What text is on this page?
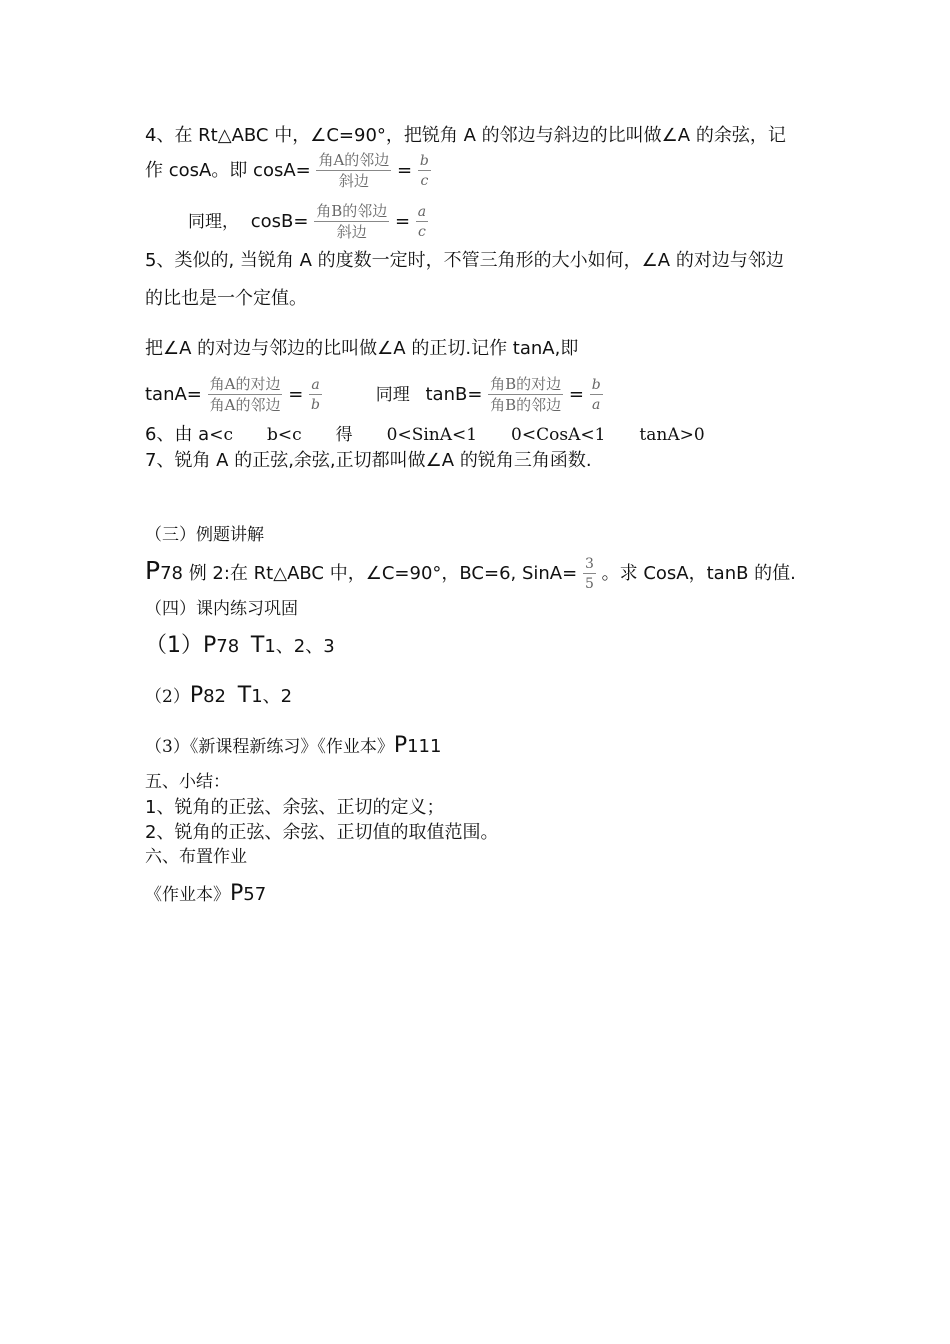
4、在 Rt△ABC 中，∠C=90°，把锐角 A 的邻边与斜边的比叫做∠A 的余弦，记
作 cosA。即 $\cos A= \frac{\text{角A的邻边}}{\text{斜边}} = \frac{b}{c}$
同理， $\cos B= \frac{\text{角B的邻边}}{\text{斜边}} = \frac{a}{c}$
5、类似的, 当锐角 A 的度数一定时，不管三角形的大小如何，∠A 的对边与邻边
的比也是一个定值。
把∠A 的对边与邻边的比叫做∠A 的正切.记作 tanA,即
$\tan A= \frac{\text{角A的对边}}{\text{角A的邻边}} = \frac{a}{b}$	同理 $\tan B= \frac{\text{角B的对边}}{\text{角B的邻边}} = \frac{b}{a}$
6、由 a<c　　b<c　　得　　0<SinA<1　　0<CosA<1　　tanA>0
7、锐角 A 的正弦,余弦,正切都叫做∠A 的锐角三角函数.
（三）例题讲解
P78 例 2:在 Rt△ABC 中，∠C=90°，BC=6, SinA= $\frac{3}{5}$ 。求 CosA，tanB 的值.
（四）课内练习巩固
（1）P78 T1、2、3
（2）P82 T1、2
（3）《新课程新练习》《作业本》P111
五、小结：
1、锐角的正弦、余弦、正切的定义；
2、锐角的正弦、余弦、正切值的取值范围。
六、布置作业
《作业本》P57
